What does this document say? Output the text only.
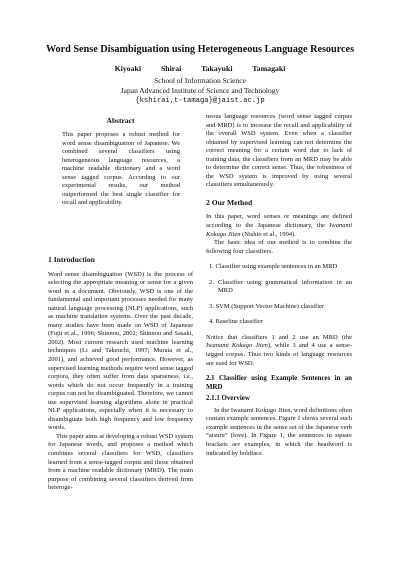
Word Sense Disambiguation using Heterogeneous Language Resources
Kiyoaki Shirai Takayuki Tamagaki
School of Information Science
Japan Advanced Institute of Science and Technology
{kshirai,t-tamaga}@jaist.ac.jp
Abstract
This paper proposes a robust method for word sense disambiguation of Japanese. We combined several classifiers using heterogeneous language resources, a machine readable dictionary and a word sense tagged corpus. According to our experimental results, our method outperformed the best single classifier for recall and applicability.

1 Introduction

Word sense disambiguation (WSD) is the process of selecting the appropriate meaning or sense for a given word in a document. Obviously, WSD is one of the fundamental and important processes needed for many natural language processing (NLP) applications, such as machine translation systems. Over the past decade, many studies have been made on WSD of Japanese (Fujii et al., 1996; Shinnou, 2002; Shinnou and Sasaki, 2002). Most current research used machine learning techniques (Li and Takeuchi, 1997; Murata et al., 2001), and achieved good performance. However, as supervised learning methods require word sense tagged corpora, they often suffer from data sparseness, i.e., words which do not occur frequently in a training corpus can not be disambiguated. Therefore, we cannot use supervised learning algorithms alone in practical NLP applications, especially when it is necessary to disambiguate both high frequency and low frequency words.

This paper aims at developing a robust WSD system for Japanese words, and proposes a method which combines several classifiers for WSD, classifiers learned from a sense-tagged corpus and those obtained from a machine readable dictionary (MRD). The main purpose of combining several classifiers derived from heteroge-

neous language resources (word sense tagged corpus and MRD) is to increase the recall and applicability of the overall WSD system. Even when a classifier obtained by supervised learning can not determine the correct meaning for a certain word due to lack of training data, the classifiers from an MRD may be able to determine the correct sense. Thus, the robustness of the WSD system is improved by using several classifiers simultaneously.

2 Our Method

In this paper, word senses or meanings are defined according to the Japanese dictionary, the Iwanami Kokugo Jiten (Nishio et al., 1994).

The basic idea of our method is to combine the following four classifiers.

1. Classifier using example sentences in an MRD

2. Classifier using grammatical information in an MRD

3. SVM (Support Vector Machine) classifier

4. Baseline classifier

Notice that classifiers 1 and 2 use an MRD (the Iwanami Kokugo Jiten), while 3 and 4 use a sense-tagged corpus. Thus two kinds of language resources are used for WSD.

2.1 Classifier using Example Sentences in an MRD

2.1.1 Overview

In the Iwanami Kokugo Jiten, word definitions often contain example sentences. Figure 1 shows several such example sentences in the sense set of the Japanese verb “aisuru” (love). In Figure 1, the sentences in square brackets are examples, in which the headword is indicated by boldface.
